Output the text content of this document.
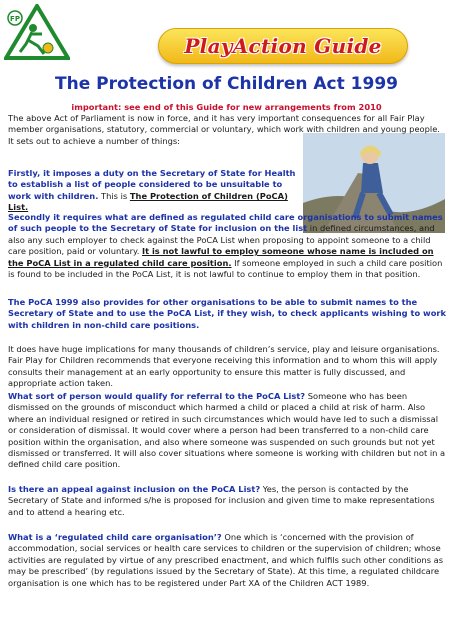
FP
PlayAction Guide
The Protection of Children Act 1999
important: see end of this Guide for new arrangements from 2010
The above Act of Parliament is now in force, and it has very important consequences for all Fair Play member organisations, statutory, commercial or voluntary, which work with children and young people. It sets out to achieve a number of things:
Firstly, it imposes a duty on the Secretary of State for Health to establish a list of people considered to be unsuitable to work with children. This is The Protection of Children (PoCA) List.
Secondly it requires what are defined as regulated child care organisations to submit names of such people to the Secretary of State for inclusion on the list in defined circumstances, and also any such employer to check against the PoCA List when proposing to appoint someone to a child care position, paid or voluntary. It is not lawful to employ someone whose name is included on the PoCA List in a regulated child care position. If someone employed in such a child care position is found to be included in the PoCA List, it is not lawful to continue to employ them in that position.
The PoCA 1999 also provides for other organisations to be able to submit names to the Secretary of State and to use the PoCA List, if they wish, to check applicants wishing to work with children in non-child care positions.
It does have huge implications for many thousands of children’s service, play and leisure organisations. Fair Play for Children recommends that everyone receiving this information and to whom this will apply consults their management at an early opportunity to ensure this matter is fully discussed, and appropriate action taken.
What sort of person would qualify for referral to the PoCA List? Someone who has been dismissed on the grounds of misconduct which harmed a child or placed a child at risk of harm. Also where an individual resigned or retired in such circumstances which would have led to such a dismissal or consideration of dismissal. It would cover where a person had been transferred to a non-child care position within the organisation, and also where someone was suspended on such grounds but not yet dismissed or transferred. It will also cover situations where someone is working with children but not in a defined child care position.
Is there an appeal against inclusion on the PoCA List? Yes, the person is contacted by the Secretary of State and informed s/he is proposed for inclusion and given time to make representations and to attend a hearing etc.
What is a ‘regulated child care organisation’? One which is ‘concerned with the provision of accommodation, social services or health care services to children or the supervision of children; whose activities are regulated by virtue of any prescribed enactment, and which fulfils such other conditions as may be prescribed’ (by regulations issued by the Secretary of State). At this time, a regulated childcare organisation is one which has to be registered under Part XA of the Children ACT 1989.
